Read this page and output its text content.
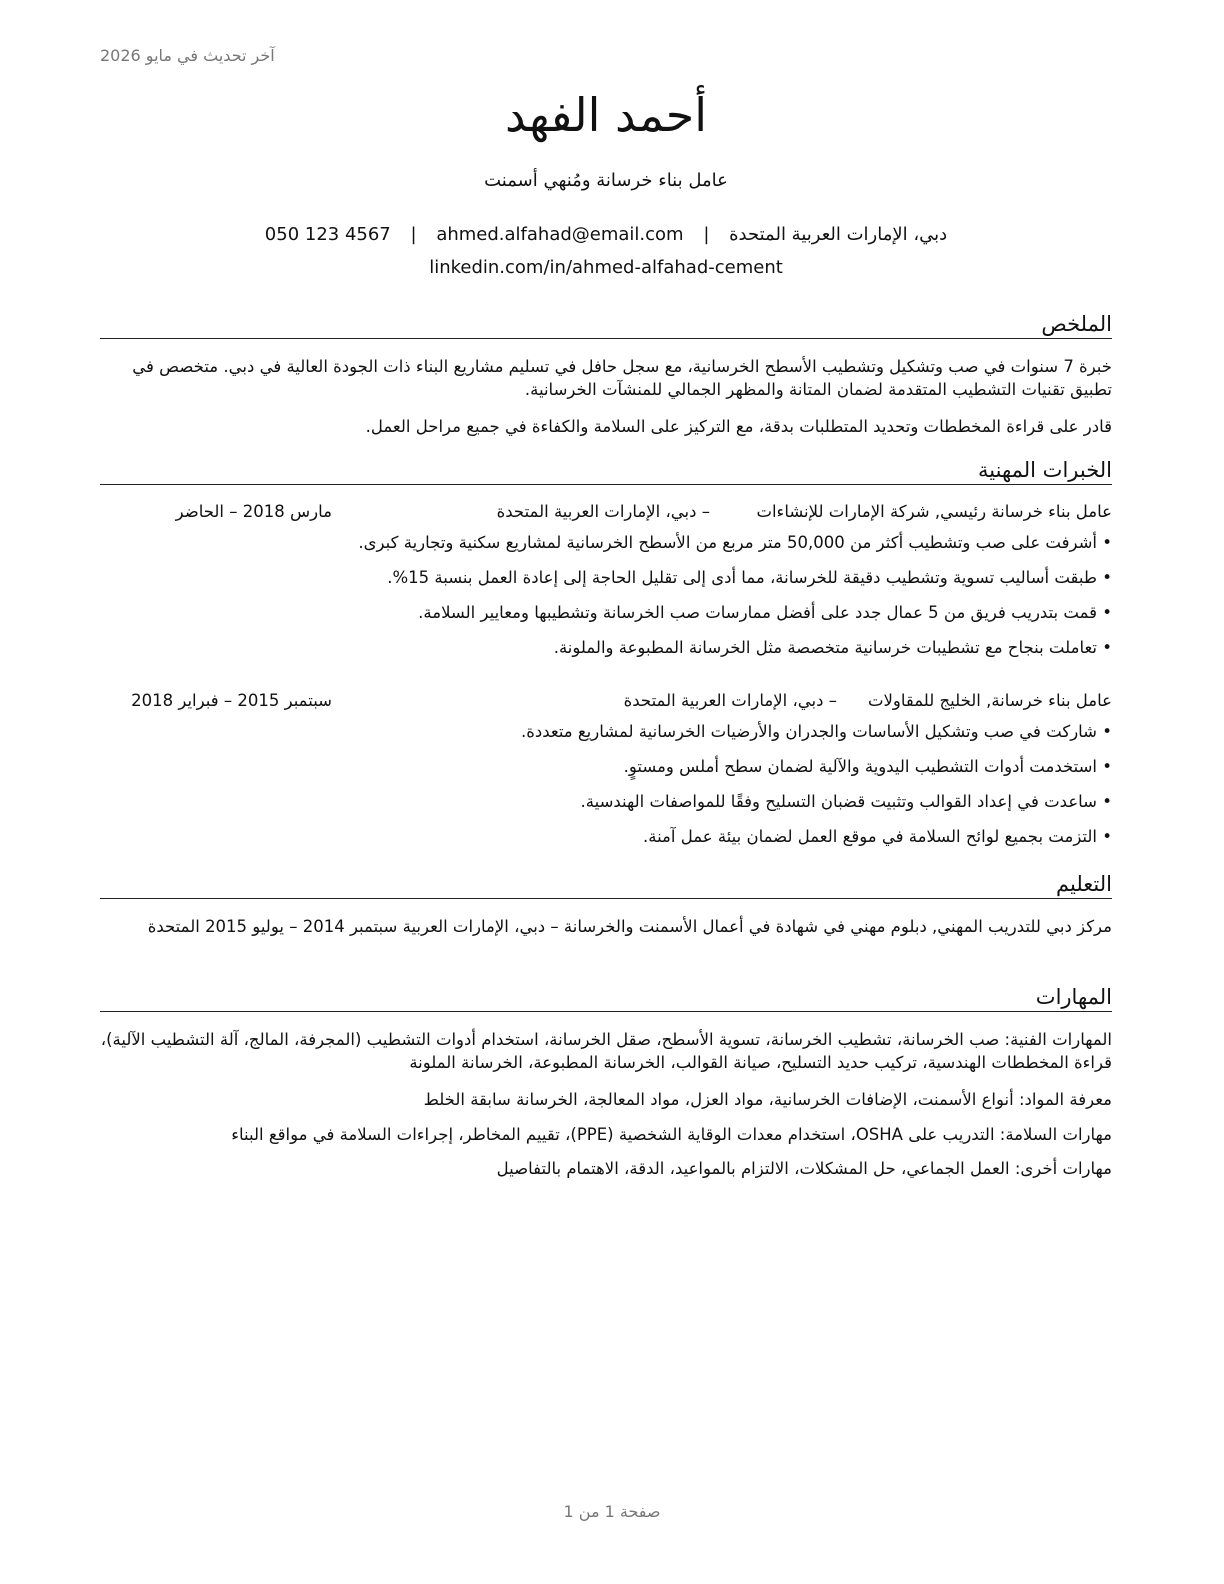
آخر تحديث في مايو 2026
أحمد الفهد
عامل بناء خرسانة ومُنهي أسمنت
دبي، الإمارات العربية المتحدة | ahmed.alfahad@email.com | 050 123 4567
linkedin.com/in/ahmed-alfahad-cement
الملخص
خبرة 7 سنوات في صب وتشكيل وتشطيب الأسطح الخرسانية، مع سجل حافل في تسليم مشاريع البناء ذات الجودة العالية في دبي. متخصص في تطبيق تقنيات التشطيب المتقدمة لضمان المتانة والمظهر الجمالي للمنشآت الخرسانية.
قادر على قراءة المخططات وتحديد المتطلبات بدقة، مع التركيز على السلامة والكفاءة في جميع مراحل العمل.
الخبرات المهنية
عامل بناء خرسانة رئيسي, شركة الإمارات للإنشاءات
– دبي، الإمارات العربية المتحدة
مارس 2018 – الحاضر
• أشرفت على صب وتشطيب أكثر من 50,000 متر مربع من الأسطح الخرسانية لمشاريع سكنية وتجارية كبرى.
• طبقت أساليب تسوية وتشطيب دقيقة للخرسانة، مما أدى إلى تقليل الحاجة إلى إعادة العمل بنسبة 15%.
• قمت بتدريب فريق من 5 عمال جدد على أفضل ممارسات صب الخرسانة وتشطيبها ومعايير السلامة.
• تعاملت بنجاح مع تشطيبات خرسانية متخصصة مثل الخرسانة المطبوعة والملونة.
عامل بناء خرسانة, الخليج للمقاولات
– دبي، الإمارات العربية المتحدة
سبتمبر 2015 – فبراير 2018
• شاركت في صب وتشكيل الأساسات والجدران والأرضيات الخرسانية لمشاريع متعددة.
• استخدمت أدوات التشطيب اليدوية والآلية لضمان سطح أملس ومستوٍ.
• ساعدت في إعداد القوالب وتثبيت قضبان التسليح وفقًا للمواصفات الهندسية.
• التزمت بجميع لوائح السلامة في موقع العمل لضمان بيئة عمل آمنة.
التعليم
مركز دبي للتدريب المهني, دبلوم مهني في شهادة في أعمال الأسمنت والخرسانة – دبي، الإمارات العربية سبتمبر 2014 – يوليو 2015 المتحدة
المهارات
المهارات الفنية: صب الخرسانة، تشطيب الخرسانة، تسوية الأسطح، صقل الخرسانة، استخدام أدوات التشطيب (المجرفة، المالج، آلة التشطيب الآلية)، قراءة المخططات الهندسية، تركيب حديد التسليح، صيانة القوالب، الخرسانة المطبوعة، الخرسانة الملونة
معرفة المواد: أنواع الأسمنت، الإضافات الخرسانية، مواد العزل، مواد المعالجة، الخرسانة سابقة الخلط
مهارات السلامة: التدريب على OSHA، استخدام معدات الوقاية الشخصية (PPE)، تقييم المخاطر، إجراءات السلامة في مواقع البناء
مهارات أخرى: العمل الجماعي، حل المشكلات، الالتزام بالمواعيد، الدقة، الاهتمام بالتفاصيل
صفحة 1 من 1
